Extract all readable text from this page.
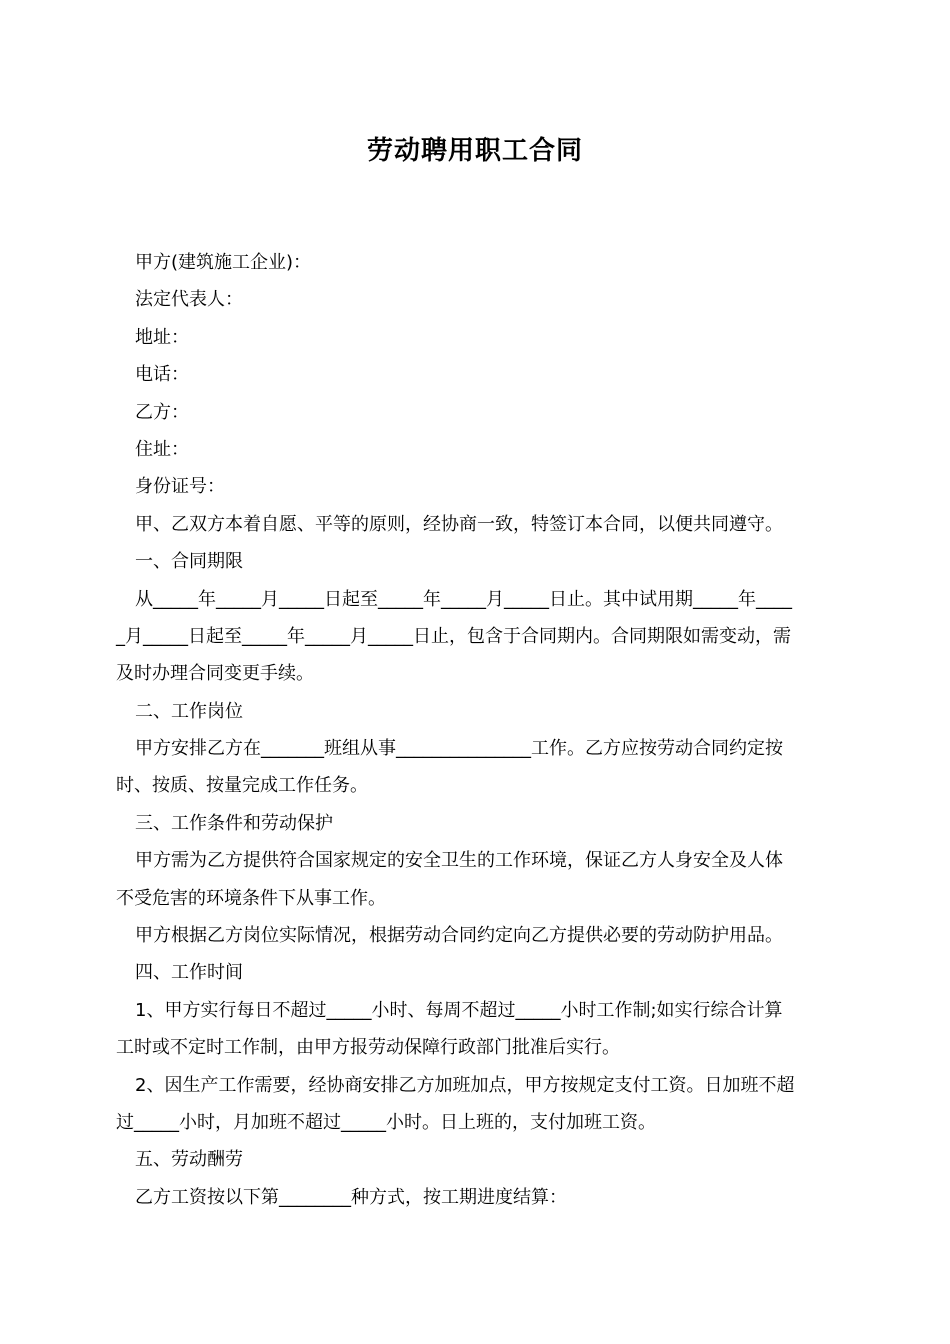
劳动聘用职工合同
甲方(建筑施工企业)：
法定代表人：
地址：
电话：
乙方：
住址：
身份证号：
甲、乙双方本着自愿、平等的原则，经协商一致，特签订本合同，以便共同遵守。
一、合同期限
从_____年_____月_____日起至_____年_____月_____日止。其中试用期_____年____
_月_____日起至_____年_____月_____日止，包含于合同期内。合同期限如需变动，需
及时办理合同变更手续。
二、工作岗位
甲方安排乙方在_______班组从事_______________工作。乙方应按劳动合同约定按
时、按质、按量完成工作任务。
三、工作条件和劳动保护
甲方需为乙方提供符合国家规定的安全卫生的工作环境，保证乙方人身安全及人体
不受危害的环境条件下从事工作。
甲方根据乙方岗位实际情况，根据劳动合同约定向乙方提供必要的劳动防护用品。
四、工作时间
1、甲方实行每日不超过_____小时、每周不超过_____小时工作制;如实行综合计算
工时或不定时工作制，由甲方报劳动保障行政部门批准后实行。
2、因生产工作需要，经协商安排乙方加班加点，甲方按规定支付工资。日加班不超
过_____小时，月加班不超过_____小时。日上班的，支付加班工资。
五、劳动酬劳
乙方工资按以下第________种方式，按工期进度结算：
